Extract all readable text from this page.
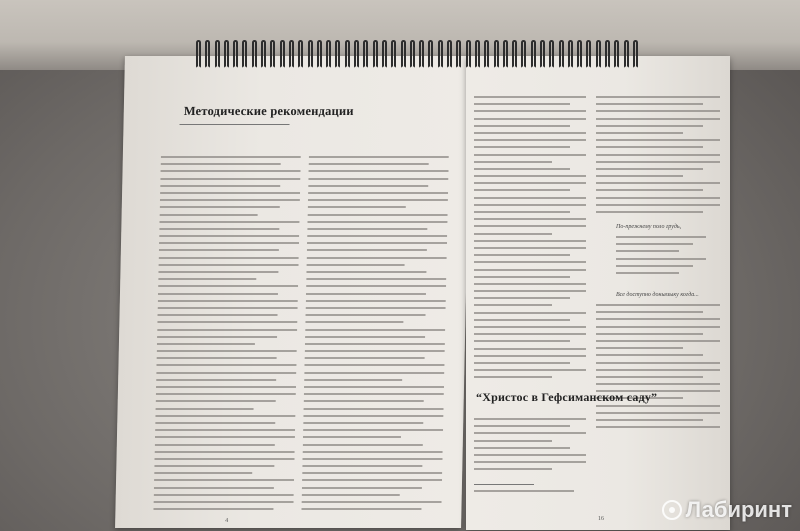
Методические рекомендации
4
По-прежнему поло грудь,
Все доступно доньязыку когда...
“Христос в Гефсиманском саду”
16	Лабиринт
